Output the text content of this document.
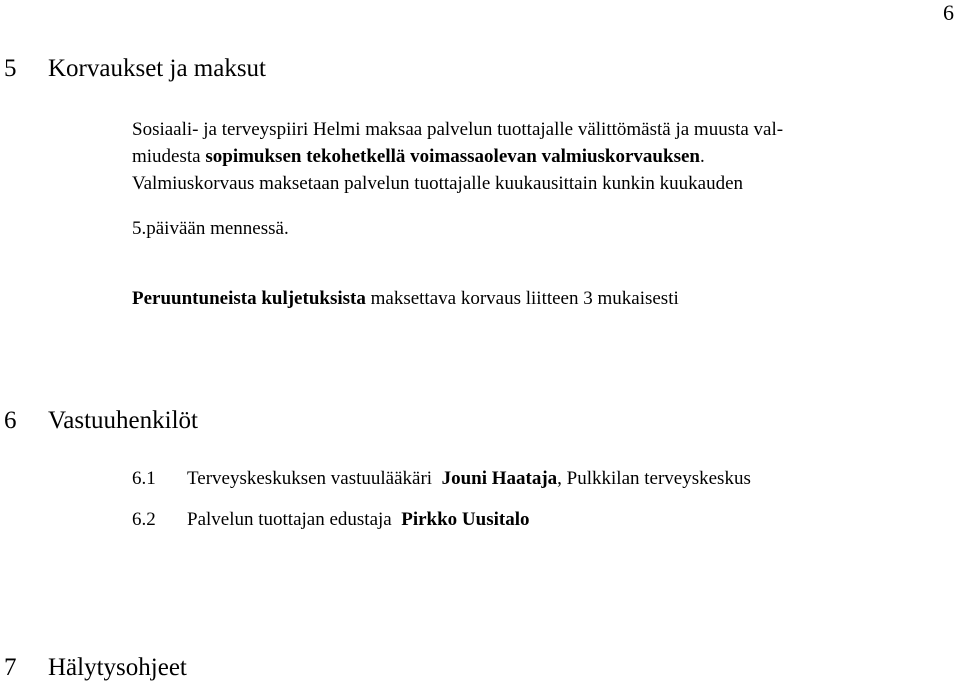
6
5 Korvaukset ja maksut
Sosiaali- ja terveyspiiri Helmi maksaa palvelun tuottajalle välittömästä ja muusta val-
miudesta sopimuksen tekohetkellä voimassaolevan valmiuskorvauksen.
Valmiuskorvaus maksetaan palvelun tuottajalle kuukausittain kunkin kuukauden
5.päivään mennessä.
Peruuntuneista kuljetuksista maksettava korvaus liitteen 3 mukaisesti
6 Vastuuhenkilöt
6.1 Terveyskeskuksen vastuulääkäri  Jouni Haataja, Pulkkilan terveyskeskus
6.2 Palvelun tuottajan edustaja  Pirkko Uusitalo
7 Hälytysohjeet
